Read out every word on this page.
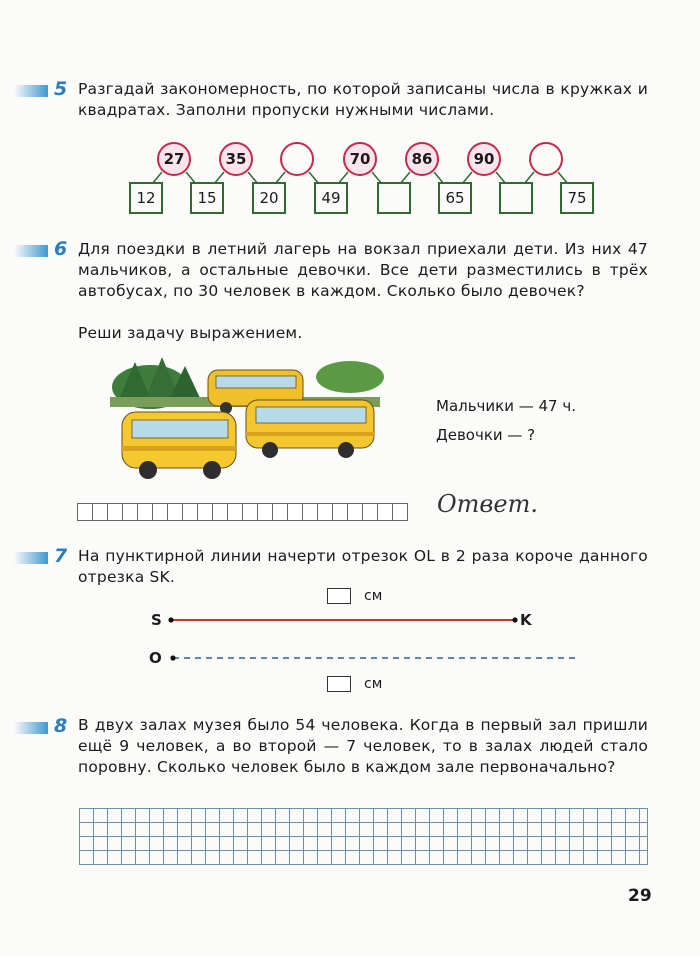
5 Разгадай закономерность, по которой записаны числа в кружках и квадратах. Заполни пропуски нужными числами.
27	35	70	86	90
12	15	20	49	65	75
6 Для поездки в летний лагерь на вокзал приехали дети. Из них 47 мальчиков, а остальные девочки. Все дети разместились в трёх автобусах, по 30 человек в каждом. Сколько было девочек?
Реши задачу выражением.
Мальчики — 47 ч.
Девочки — ?
Ответ.
7 На пунктирной линии начерти отрезок OL в 2 раза короче данного отрезка SK.
см
S	K
O
см
8 В двух залах музея было 54 человека. Когда в первый зал пришли ещё 9 человек, а во второй — 7 человек, то в залах людей стало поровну. Сколько человек было в каждом зале первоначально?
29
